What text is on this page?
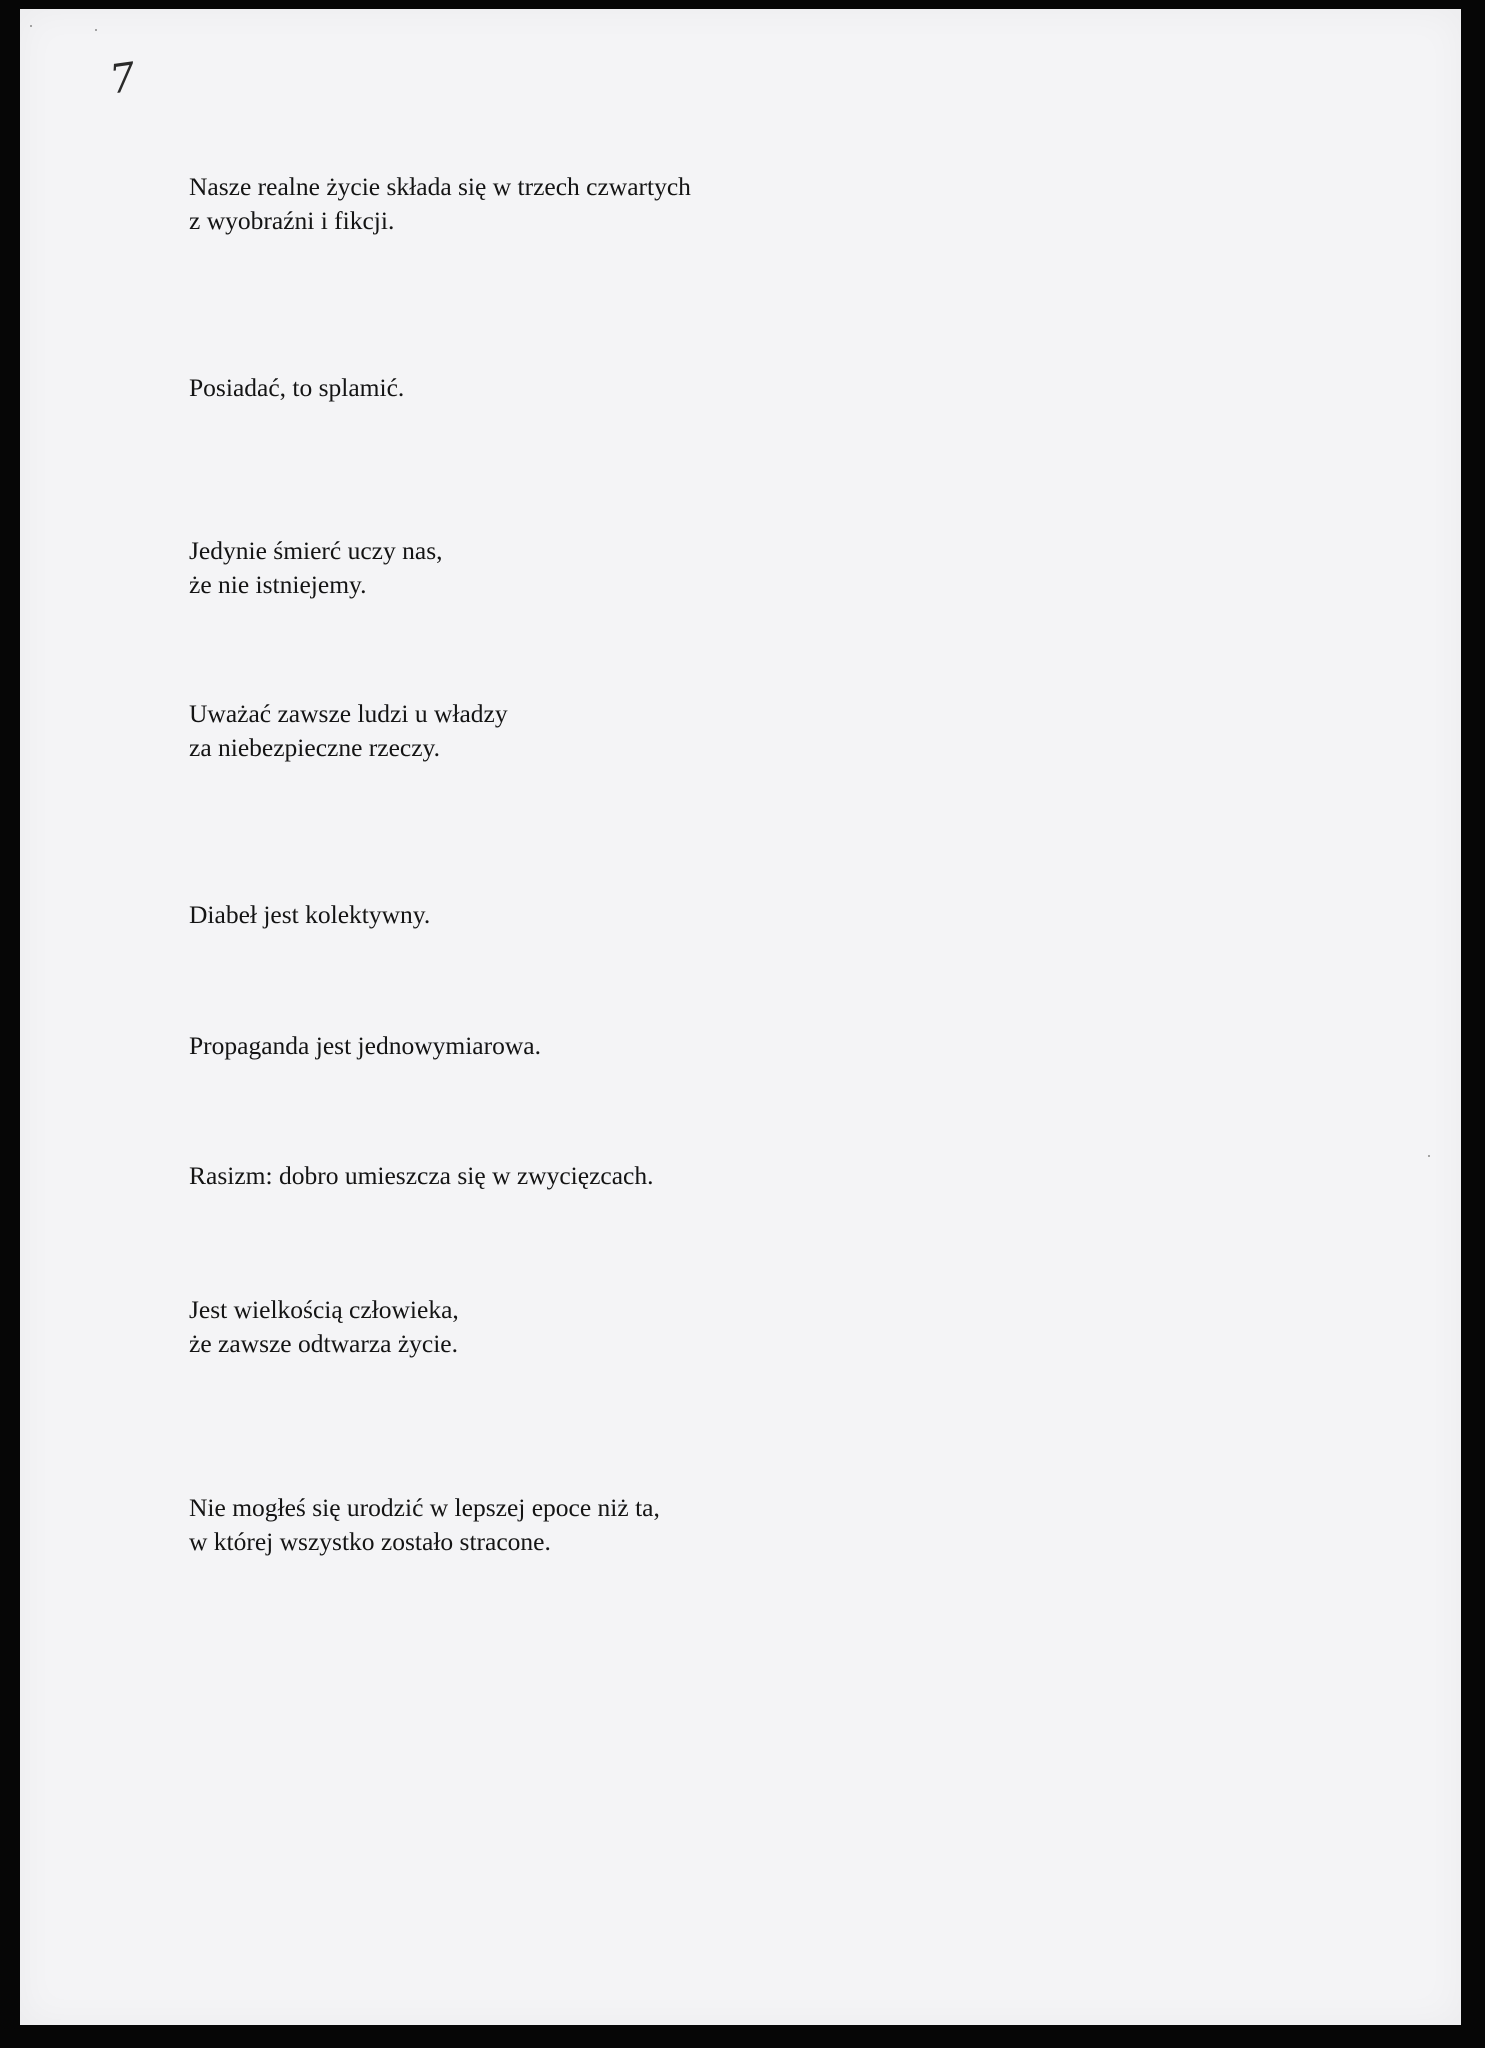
7

Nasze realne życie składa się w trzech czwartych
z wyobraźni i fikcji.

Posiadać, to splamić.

Jedynie śmierć uczy nas,
że nie istniejemy.

Uważać zawsze ludzi u władzy
za niebezpieczne rzeczy.

Diabeł jest kolektywny.

Propaganda jest jednowymiarowa.

Rasizm: dobro umieszcza się w zwycięzcach.

Jest wielkością człowieka,
że zawsze odtwarza życie.

Nie mogłeś się urodzić w lepszej epoce niż ta,
w której wszystko zostało stracone.
